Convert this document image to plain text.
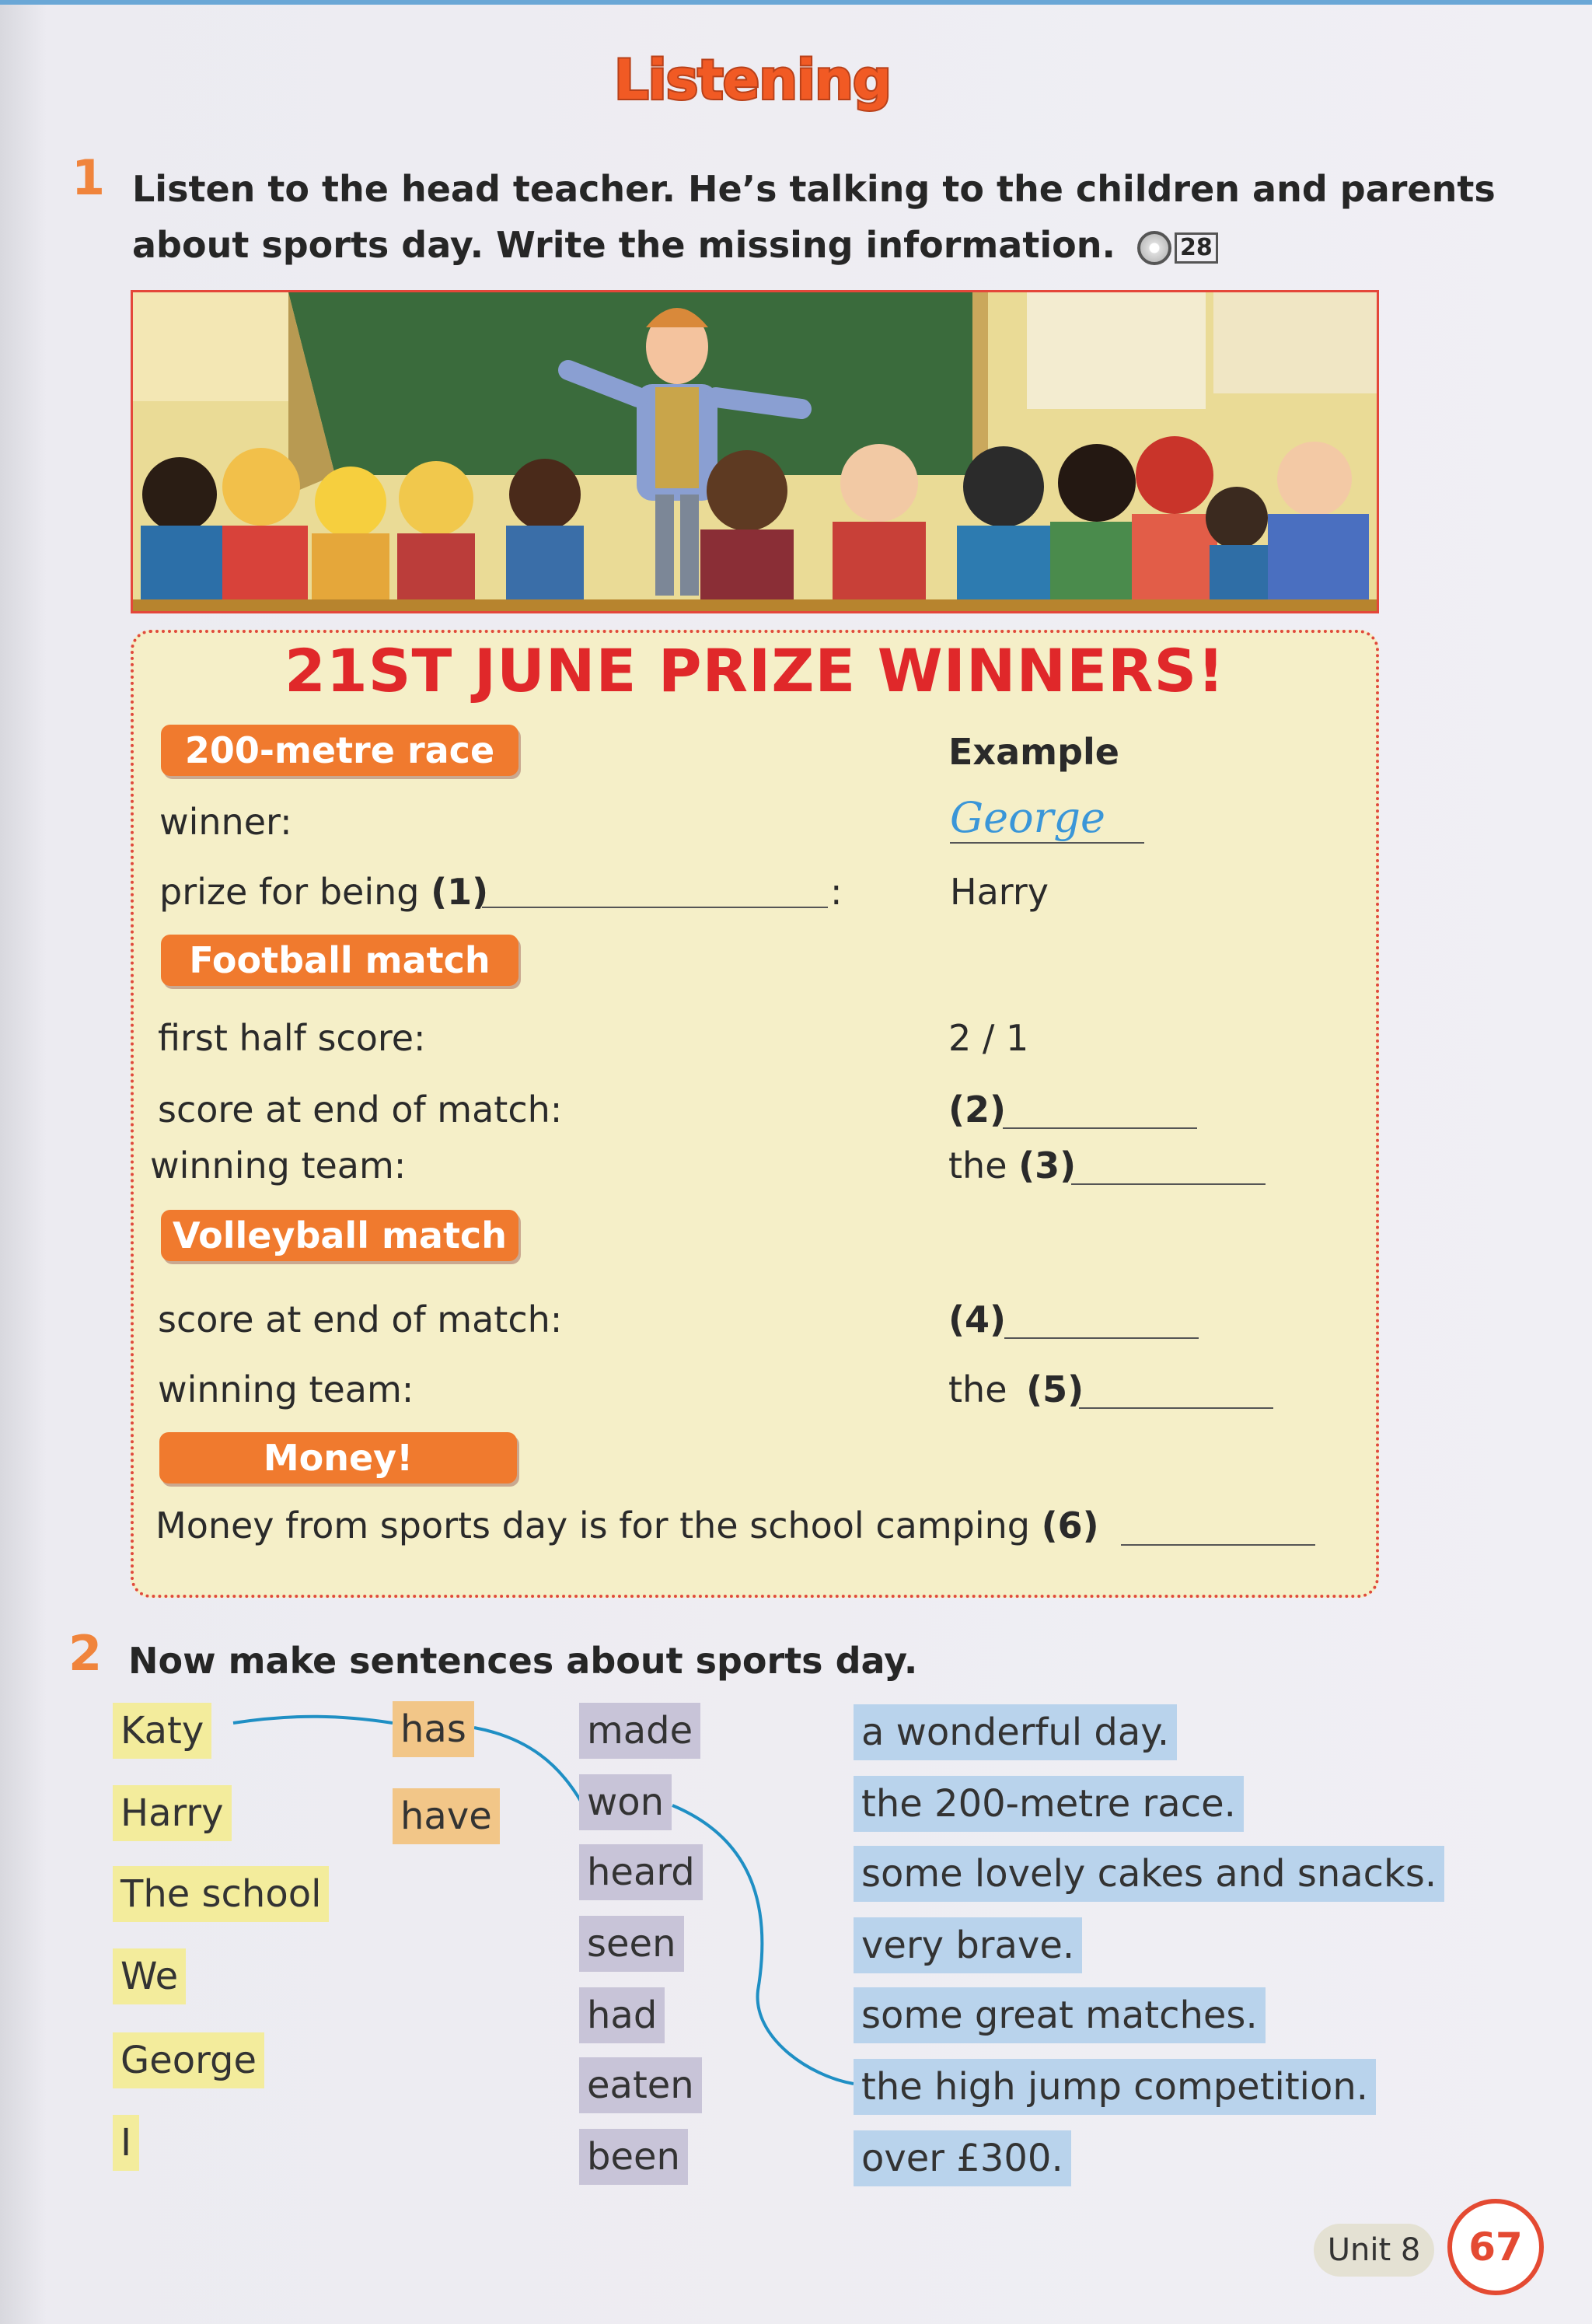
Listening
1 Listen to the head teacher. He’s talking to the children and parents
about sports day. Write the missing information.	28
21ST JUNE PRIZE WINNERS!
Example
200-metre race
winner:	George
prize for being (1)	:	Harry
Football match
first half score:	2 / 1
score at end of match:	(2)
winning team:	the (3)
Volleyball match
score at end of match:	(4)
winning team:	the (5)
Money!
Money from sports day is for the school camping (6)
2 Now make sentences about sports day.
Katy
Harry
The school
We
George
I
has
have
made
won
heard
seen
had
eaten
been
a wonderful day.
the 200-metre race.
some lovely cakes and snacks.
very brave.
some great matches.
the high jump competition.
over £300.
Unit 8	67
